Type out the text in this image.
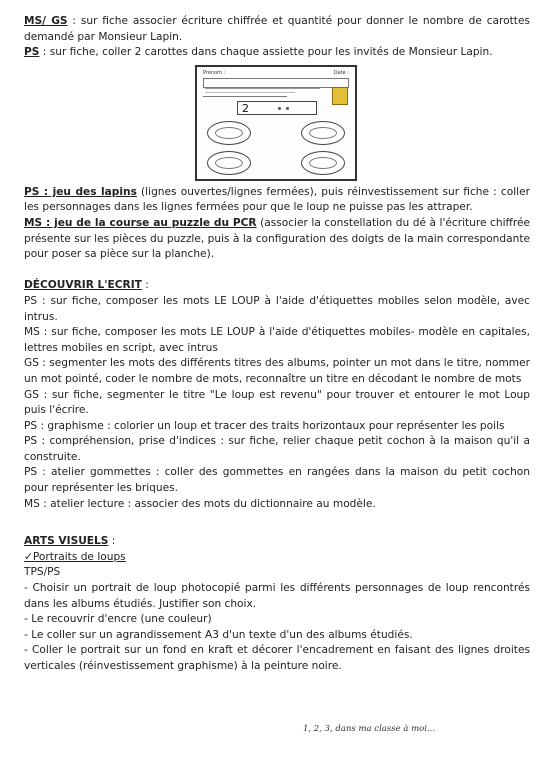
MS/ GS : sur fiche associer écriture chiffrée et quantité pour donner le nombre de carottes demandé par Monsieur Lapin.

PS : sur fiche, coller 2 carottes dans chaque assiette pour les invités de Monsieur Lapin.

Prénom :	Date :
2

PS : jeu des lapins (lignes ouvertes/lignes fermées), puis réinvestissement sur fiche : coller les personnages dans les lignes fermées pour que le loup ne puisse pas les attraper.

MS : jeu de la course au puzzle du PCR (associer la constellation du dé à l'écriture chiffrée présente sur les pièces du puzzle, puis à la configuration des doigts de la main correspondante pour poser sa pièce sur la planche).

DÉCOUVRIR L'ECRIT :

PS : sur fiche, composer les mots LE LOUP à l'aide d'étiquettes mobiles selon modèle, avec intrus.

MS : sur fiche, composer les mots LE LOUP à l'aide d'étiquettes mobiles- modèle en capitales, lettres mobiles en script, avec intrus

GS : segmenter les mots des différents titres des albums, pointer un mot dans le titre, nommer un mot pointé, coder le nombre de mots, reconnaître un titre en décodant le nombre de mots

GS : sur fiche, segmenter le titre "Le loup est revenu" pour trouver et entourer le mot Loup puis l'écrire.

PS : graphisme : colorier un loup et tracer des traits horizontaux pour représenter les poils

PS : compréhension, prise d'indices : sur fiche, relier chaque petit cochon à la maison qu'il a construite.

PS : atelier gommettes : coller des gommettes en rangées dans la maison du petit cochon pour représenter les briques.

MS : atelier lecture : associer des mots du dictionnaire au modèle.

ARTS VISUELS :

✓Portraits de loups

TPS/PS

- Choisir un portrait de loup photocopié parmi les différents personnages de loup rencontrés dans les albums étudiés. Justifier son choix.

- Le recouvrir d'encre (une couleur)

- Le coller sur un agrandissement A3 d'un texte d'un des albums étudiés.

- Coller le portrait sur un fond en kraft et décorer l'encadrement en faisant des lignes droites verticales (réinvestissement graphisme) à la peinture noire.

1, 2, 3, dans ma classe à moi...
